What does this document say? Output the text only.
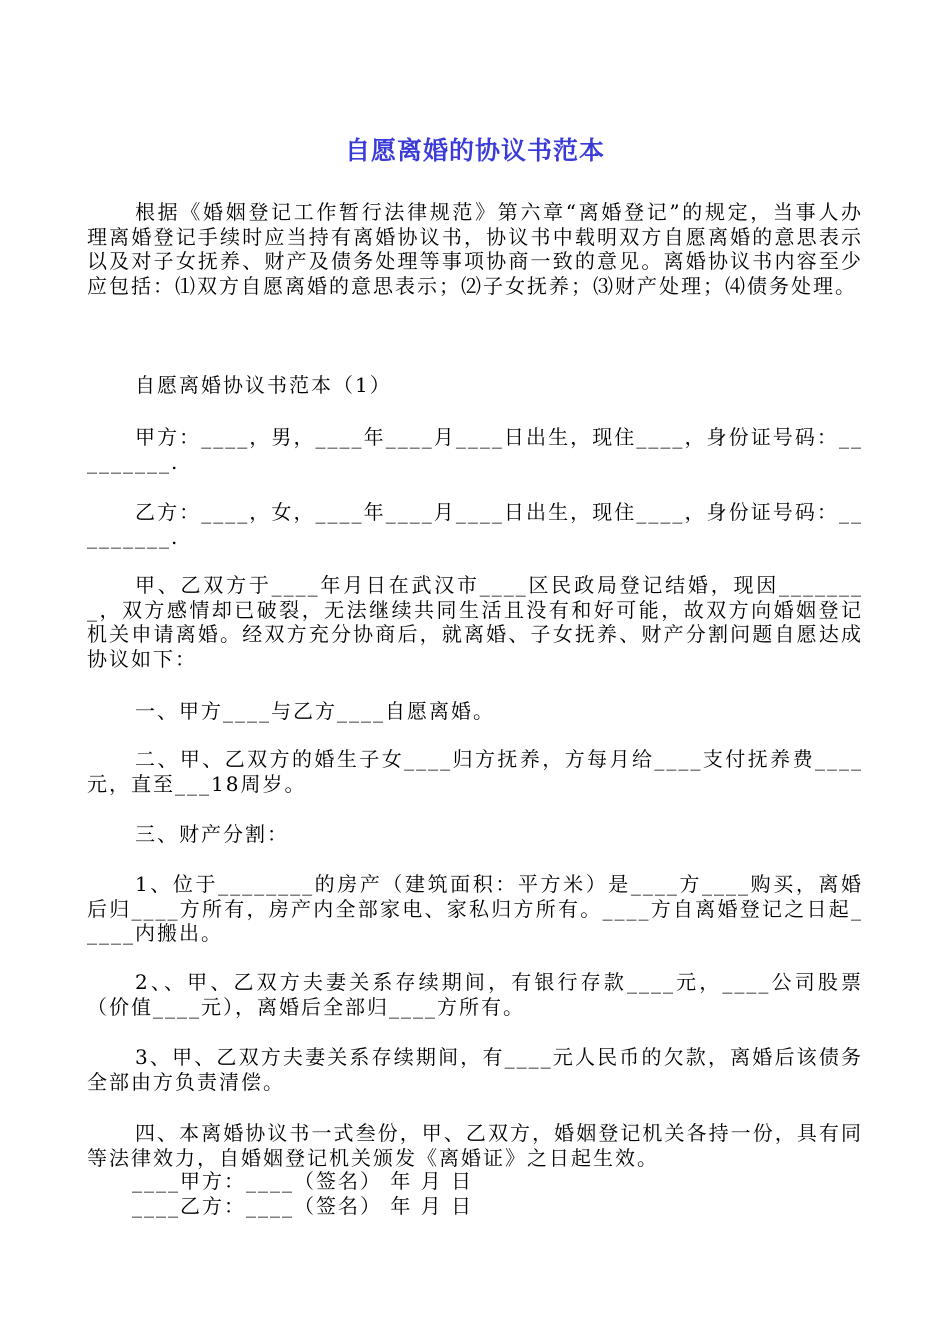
自愿离婚的协议书范本

根据《婚姻登记工作暂行法律规范》第六章“离婚登记”的规定，当事人办理离婚登记手续时应当持有离婚协议书，协议书中载明双方自愿离婚的意思表示以及对子女抚养、财产及债务处理等事项协商一致的意见。离婚协议书内容至少应包括：⑴双方自愿离婚的意思表示；⑵子女抚养；⑶财产处理；⑷债务处理。

自愿离婚协议书范本（1）

甲方：____，男，____年____月____日出生，现住____，身份证号码：_________.

乙方：____，女，____年____月____日出生，现住____，身份证号码：_________.

甲、乙双方于____年月日在武汉市____区民政局登记结婚，现因________，双方感情却已破裂，无法继续共同生活且没有和好可能，故双方向婚姻登记机关申请离婚。经双方充分协商后，就离婚、子女抚养、财产分割问题自愿达成协议如下：

一、甲方____与乙方____自愿离婚。

二、甲、乙双方的婚生子女____归方抚养，方每月给____支付抚养费____元，直至___18周岁。

三、财产分割：

1、位于________的房产（建筑面积：平方米）是____方____购买，离婚后归____方所有，房产内全部家电、家私归方所有。____方自离婚登记之日起_____内搬出。

2、、甲、乙双方夫妻关系存续期间，有银行存款____元，____公司股票（价值____元），离婚后全部归____方所有。

3、甲、乙双方夫妻关系存续期间，有____元人民币的欠款，离婚后该债务全部由方负责清偿。

四、本离婚协议书一式叁份，甲、乙双方，婚姻登记机关各持一份，具有同等法律效力，自婚姻登记机关颁发《离婚证》之日起生效。

____甲方：____（签名） 年 月 日

____乙方：____（签名） 年 月 日
